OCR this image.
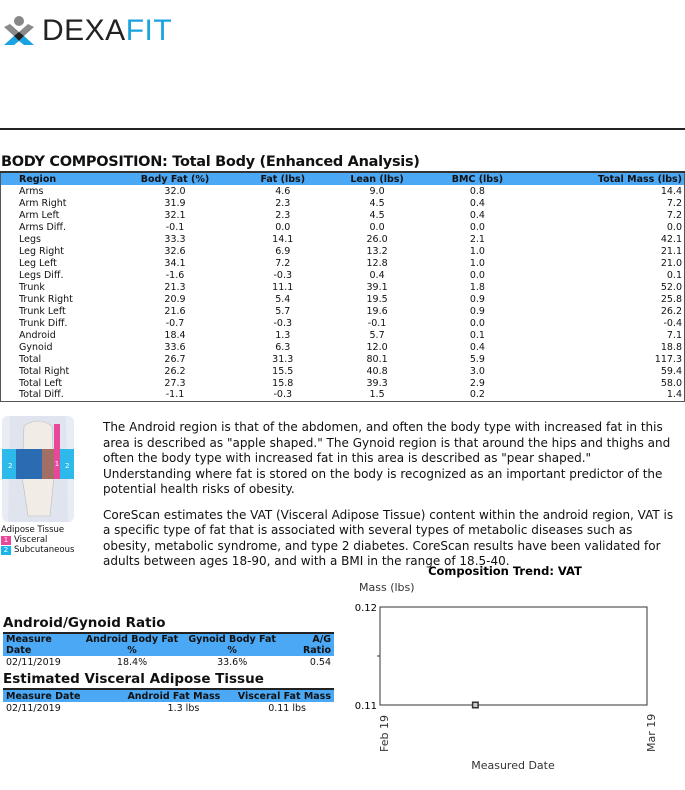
DEXAFIT
BODY COMPOSITION: Total Body (Enhanced Analysis)
Region	Body Fat (%)	Fat (lbs)	Lean (lbs)	BMC (lbs)	Total Mass (lbs)
Arms	32.0	4.6	9.0	0.8	14.4
Arm Right	31.9	2.3	4.5	0.4	7.2
Arm Left	32.1	2.3	4.5	0.4	7.2
Arms Diff.	-0.1	0.0	0.0	0.0	0.0
Legs	33.3	14.1	26.0	2.1	42.1
Leg Right	32.6	6.9	13.2	1.0	21.1
Leg Left	34.1	7.2	12.8	1.0	21.0
Legs Diff.	-1.6	-0.3	0.4	0.0	0.1
Trunk	21.3	11.1	39.1	1.8	52.0
Trunk Right	20.9	5.4	19.5	0.9	25.8
Trunk Left	21.6	5.7	19.6	0.9	26.2
Trunk Diff.	-0.7	-0.3	-0.1	0.0	-0.4
Android	18.4	1.3	5.7	0.1	7.1
Gynoid	33.6	6.3	12.0	0.4	18.8
Total	26.7	31.3	80.1	5.9	117.3
Total Right	26.2	15.5	40.8	3.0	59.4
Total Left	27.3	15.8	39.3	2.9	58.0
Total Diff.	-1.1	-0.3	1.5	0.2	1.4
1
2	2
Adipose Tissue
1 Visceral
2 Subcutaneous

The Android region is that of the abdomen, and often the body type with increased fat in this area is described as "apple shaped." The Gynoid region is that around the hips and thighs and often the body type with increased fat in this area is described as "pear shaped." Understanding where fat is stored on the body is recognized as an important predictor of the potential health risks of obesity.

CoreScan estimates the VAT (Visceral Adipose Tissue) content within the android region, VAT is a specific type of fat that is associated with several types of metabolic diseases such as obesity, metabolic syndrome, and type 2 diabetes. CoreScan results have been validated for adults between ages 18-90, and with a BMI in the range of 18.5-40.

Android/Gynoid Ratio
Measure Date	Android Body Fat %	Gynoid Body Fat %	A/G Ratio
02/11/2019	18.4%	33.6%	0.54
Estimated Visceral Adipose Tissue
Measure Date	Android Fat Mass	Visceral Fat Mass
02/11/2019	1.3 lbs	0.11 lbs
Composition Trend: VAT
Mass (lbs)
0.12
0.11
Feb 19	Mar 19
Measured Date
